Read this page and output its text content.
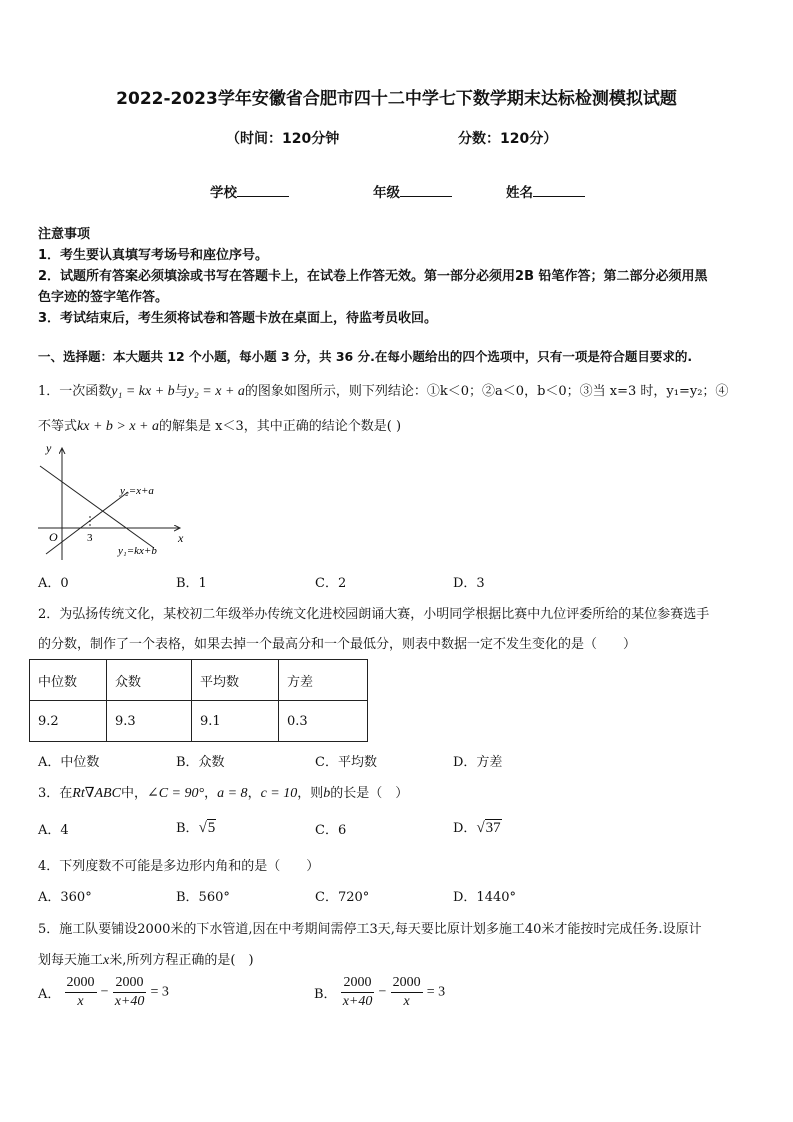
2022-2023学年安徽省合肥市四十二中学七下数学期末达标检测模拟试题
（时间：120分钟	分数：120分）
学校	年级	姓名
注意事项
1．考生要认真填写考场号和座位序号。
2．试题所有答案必须填涂或书写在答题卡上，在试卷上作答无效。第一部分必须用2B 铅笔作答；第二部分必须用黑
色字迹的签字笔作答。
3．考试结束后，考生须将试卷和答题卡放在桌面上，待监考员收回。
一、选择题：本大题共 12 个小题，每小题 3 分，共 36 分.在每小题给出的四个选项中，只有一项是符合题目要求的.
1．一次函数y₁ = kx + b与y₂ = x + a的图象如图所示，则下列结论：①k＜0；②a＜0，b＜0；③当 x=3 时，y₁=y₂；④
不等式kx + b > x + a的解集是 x＜3，其中正确的结论个数是( )
y
x
O	3
y₂=x+a
y₁=kx+b
A．0	B．1	C．2	D．3
2．为弘扬传统文化，某校初二年级举办传统文化进校园朗诵大赛，小明同学根据比赛中九位评委所给的某位参赛选手
的分数，制作了一个表格，如果去掉一个最高分和一个最低分，则表中数据一定不发生变化的是（　　）
中位数	众数	平均数	方差
9.2	9.3	9.1	0.3
A．中位数	B．众数	C．平均数	D．方差
3．在Rt∇ABC中，∠C = 90°，a = 8，c = 10，则b的长是（　）
A．4	B．√5	C．6	D．√37
4．下列度数不可能是多边形内角和的是（　　）
A．360°	B．560°	C．720°	D．1440°
5．施工队要铺设2000米的下水管道,因在中考期间需停工3天,每天要比原计划多施工40米才能按时完成任务.设原计
划每天施工x米,所列方程正确的是(　)
A． $\frac{2000}{x} - \frac{2000}{x+40} = 3$	B． $\frac{2000}{x+40} - \frac{2000}{x} = 3$
